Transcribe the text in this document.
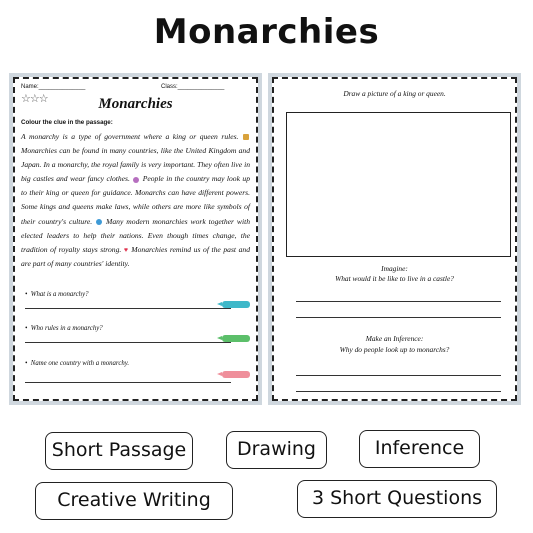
Monarchies
Name:______________	Class:______________
☆☆☆	Monarchies
Colour the clue in the passage:
A monarchy is a type of government where a king or queen rules.  Monarchies can be found in many countries, like the United Kingdom and Japan. In a monarchy, the royal family is very important. They often live in big castles and wear fancy clothes. People in the country may look up to their king or queen for guidance. Monarchs can have different powers. Some kings and queens make laws, while others are more like symbols of their country's culture. Many modern monarchies work together with elected leaders to help their nations. Even though times change, the tradition of royalty stays strong. ♥ Monarchies remind us of the past and are part of many countries' identity.
•  What is a monarchy?
•  Who rules in a monarchy?
•  Name one country with a monarchy.
Draw a picture of a king or queen.
Imagine:
What would it be like to live in a castle?
Make an Inference:
Why do people look up to monarchs?
Short Passage	Drawing	Inference
Creative Writing	3 Short Questions
